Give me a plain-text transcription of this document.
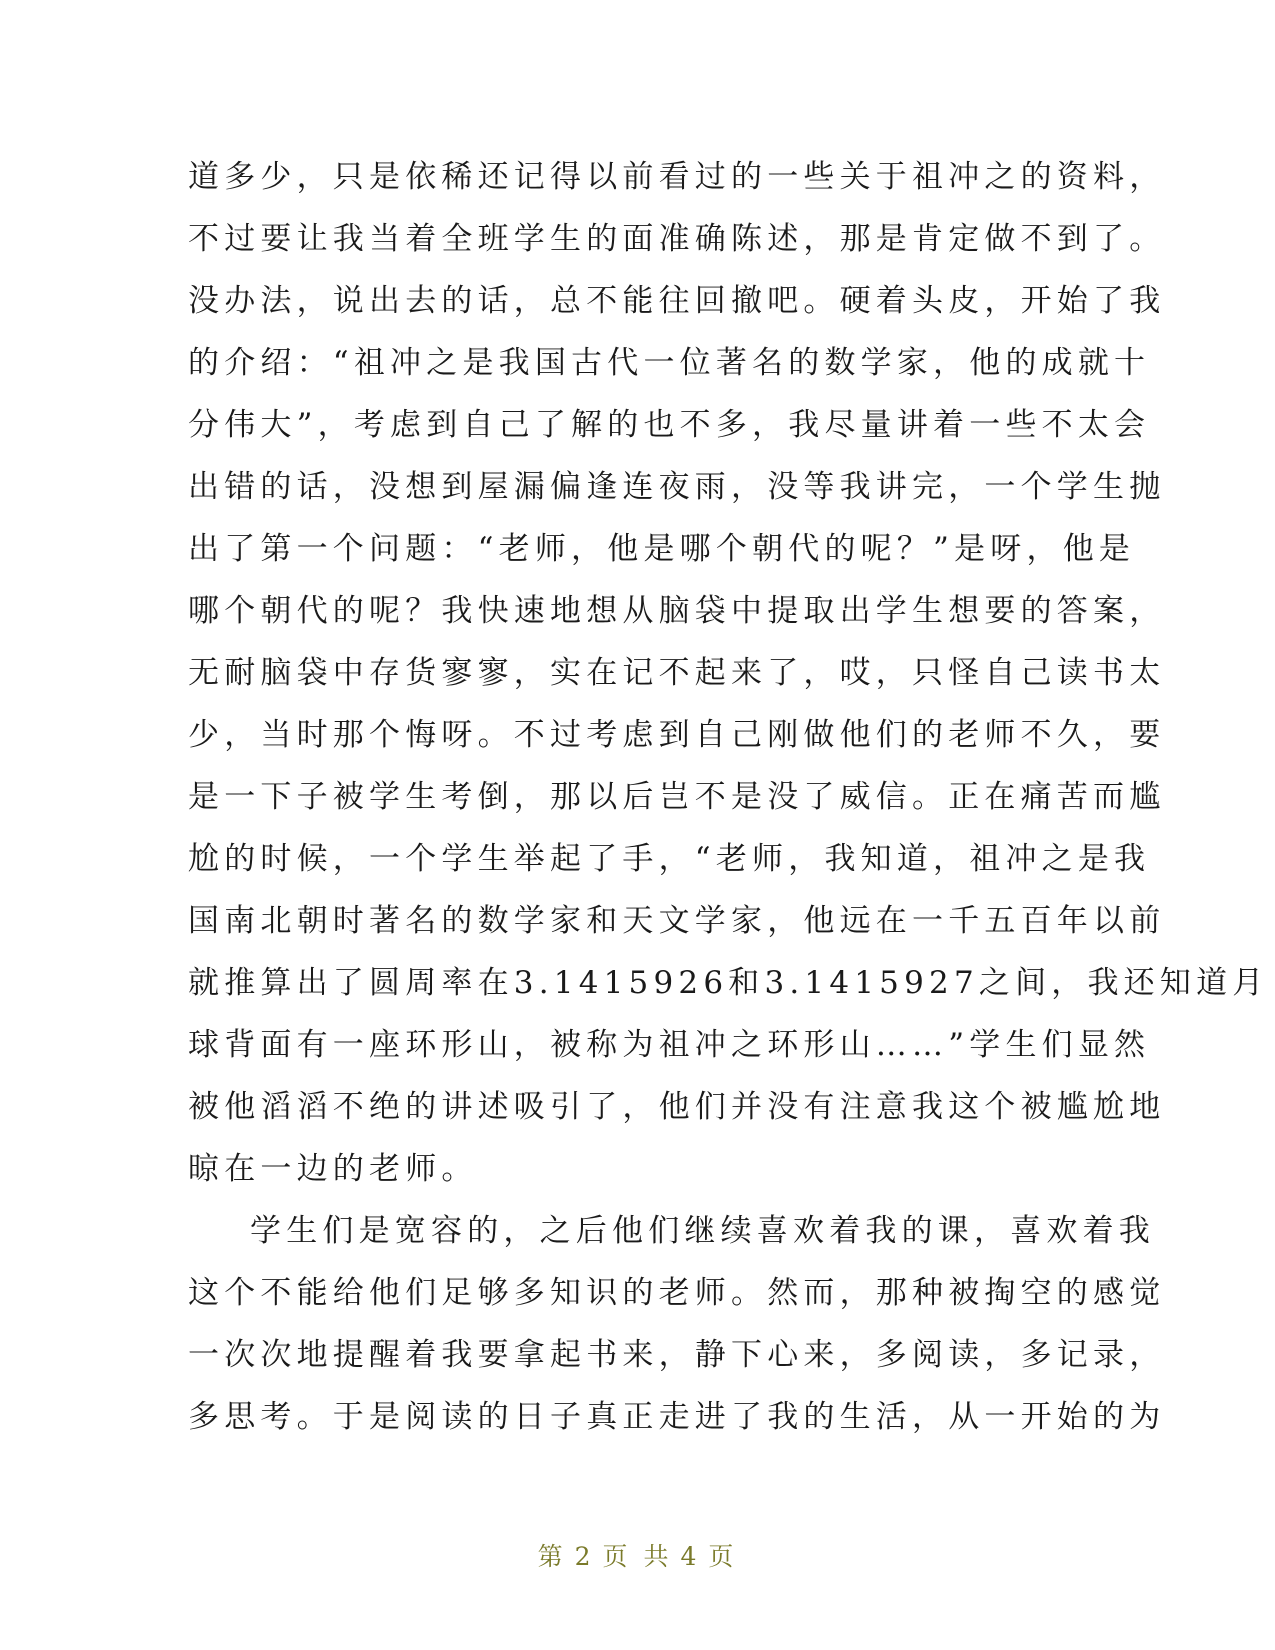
道多少，只是依稀还记得以前看过的一些关于祖冲之的资料，
不过要让我当着全班学生的面准确陈述，那是肯定做不到了。
没办法，说出去的话，总不能往回撤吧。硬着头皮，开始了我
的介绍：“祖冲之是我国古代一位著名的数学家，他的成就十
分伟大”，考虑到自己了解的也不多，我尽量讲着一些不太会
出错的话，没想到屋漏偏逢连夜雨，没等我讲完，一个学生抛
出了第一个问题：“老师，他是哪个朝代的呢？”是呀，他是
哪个朝代的呢？我快速地想从脑袋中提取出学生想要的答案，
无耐脑袋中存货寥寥，实在记不起来了，哎，只怪自己读书太
少，当时那个悔呀。不过考虑到自己刚做他们的老师不久，要
是一下子被学生考倒，那以后岂不是没了威信。正在痛苦而尴
尬的时候，一个学生举起了手，“老师，我知道，祖冲之是我
国南北朝时著名的数学家和天文学家，他远在一千五百年以前
就推算出了圆周率在3.1415926和3.1415927之间，我还知道月
球背面有一座环形山，被称为祖冲之环形山……”学生们显然
被他滔滔不绝的讲述吸引了，他们并没有注意我这个被尴尬地
晾在一边的老师。
学生们是宽容的，之后他们继续喜欢着我的课，喜欢着我
这个不能给他们足够多知识的老师。然而，那种被掏空的感觉
一次次地提醒着我要拿起书来，静下心来，多阅读，多记录，
多思考。于是阅读的日子真正走进了我的生活，从一开始的为
第 2 页 共 4 页
